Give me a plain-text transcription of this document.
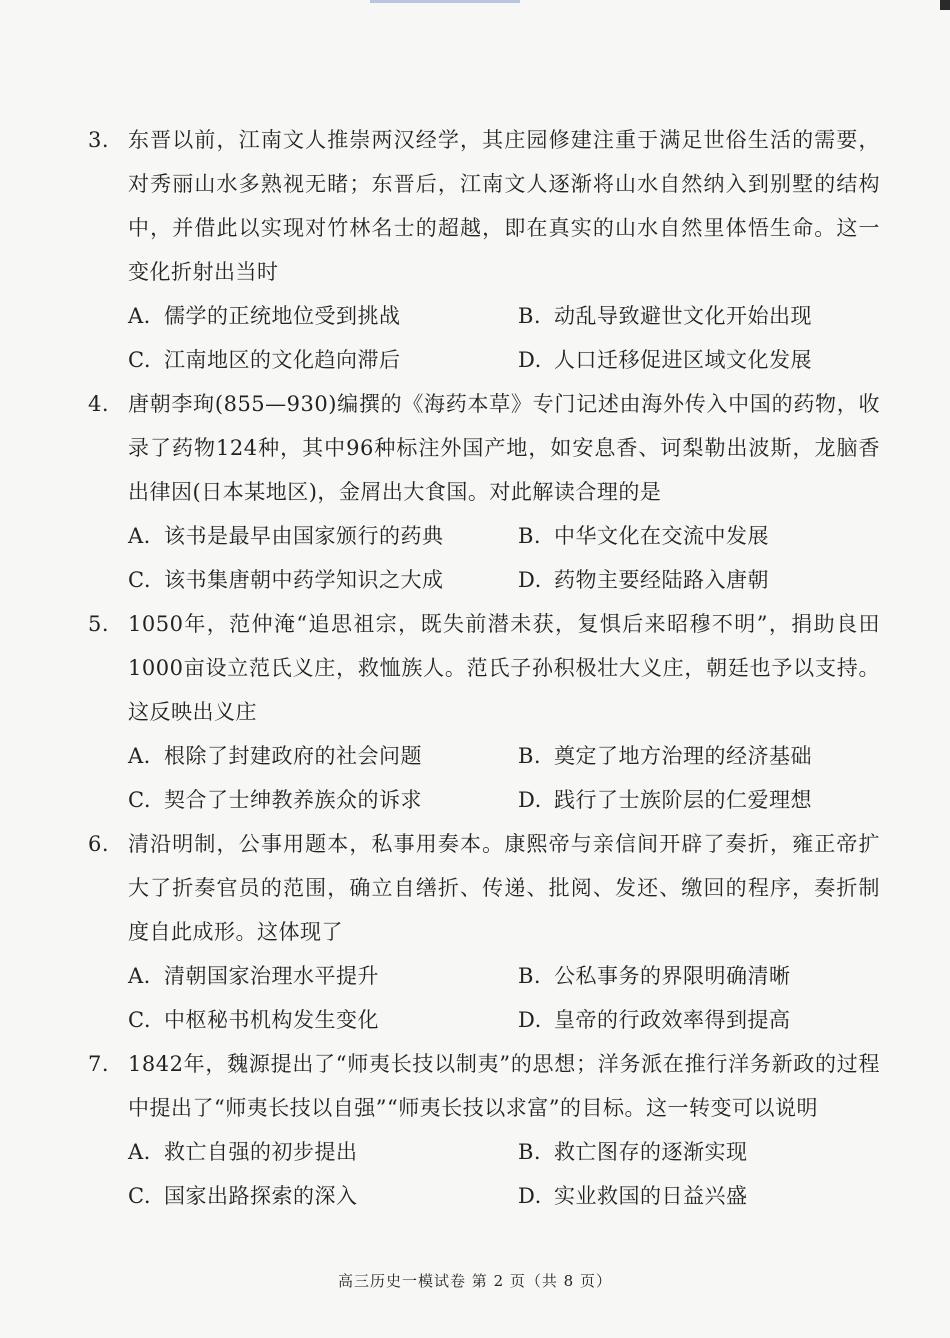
3. 东晋以前，江南文人推崇两汉经学，其庄园修建注重于满足世俗生活的需要，对秀丽山水多熟视无睹；东晋后，江南文人逐渐将山水自然纳入到别墅的结构中，并借此以实现对竹林名士的超越，即在真实的山水自然里体悟生命。这一变化折射出当时
A. 儒学的正统地位受到挑战	B. 动乱导致避世文化开始出现
C. 江南地区的文化趋向滞后	D. 人口迁移促进区域文化发展
4. 唐朝李珣(855—930)编撰的《海药本草》专门记述由海外传入中国的药物，收录了药物124种，其中96种标注外国产地，如安息香、诃梨勒出波斯，龙脑香出律因(日本某地区)，金屑出大食国。对此解读合理的是
A. 该书是最早由国家颁行的药典	B. 中华文化在交流中发展
C. 该书集唐朝中药学知识之大成	D. 药物主要经陆路入唐朝
5. 1050年，范仲淹“追思祖宗，既失前潜未获，复惧后来昭穆不明”，捐助良田1000亩设立范氏义庄，救恤族人。范氏子孙积极壮大义庄，朝廷也予以支持。这反映出义庄
A. 根除了封建政府的社会问题	B. 奠定了地方治理的经济基础
C. 契合了士绅教养族众的诉求	D. 践行了士族阶层的仁爱理想
6. 清沿明制，公事用题本，私事用奏本。康熙帝与亲信间开辟了奏折，雍正帝扩大了折奏官员的范围，确立自缮折、传递、批阅、发还、缴回的程序，奏折制度自此成形。这体现了
A. 清朝国家治理水平提升	B. 公私事务的界限明确清晰
C. 中枢秘书机构发生变化	D. 皇帝的行政效率得到提高
7. 1842年，魏源提出了“师夷长技以制夷”的思想；洋务派在推行洋务新政的过程中提出了“师夷长技以自强”“师夷长技以求富”的目标。这一转变可以说明
A. 救亡自强的初步提出	B. 救亡图存的逐渐实现
C. 国家出路探索的深入	D. 实业救国的日益兴盛
高三历史一模试卷 第 2 页（共 8 页）
